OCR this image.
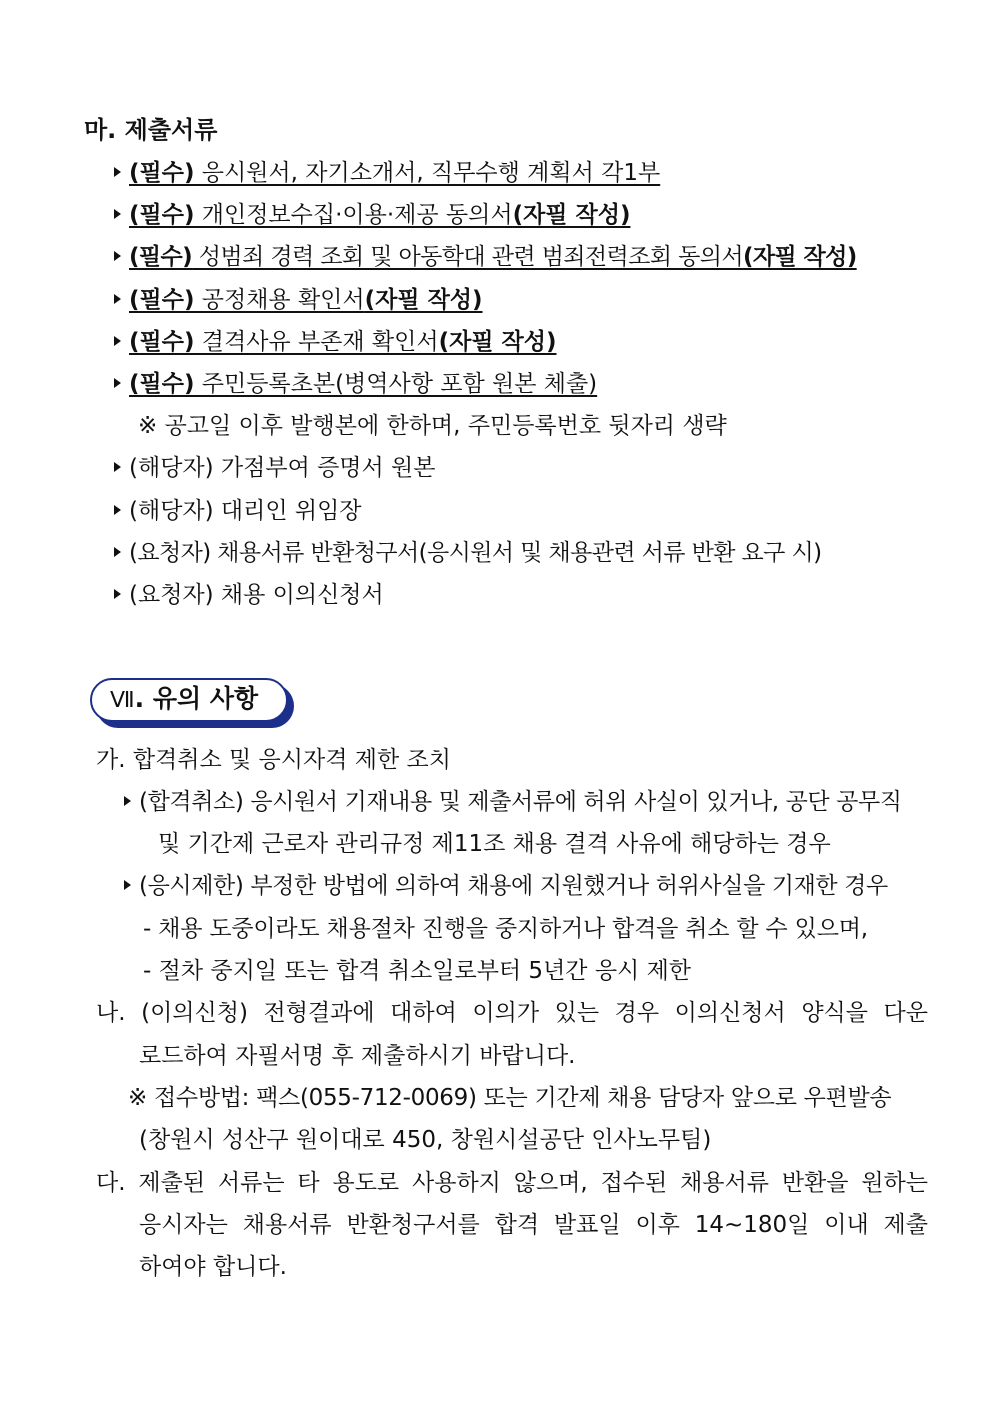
마. 제출서류
(필수) 응시원서, 자기소개서, 직무수행 계획서 각1부
(필수) 개인정보수집·이용·제공 동의서(자필 작성)
(필수) 성범죄 경력 조회 및 아동학대 관련 범죄전력조회 동의서(자필 작성)
(필수) 공정채용 확인서(자필 작성)
(필수) 결격사유 부존재 확인서(자필 작성)
(필수) 주민등록초본(병역사항 포함 원본 체출)
※ 공고일 이후 발행본에 한하며, 주민등록번호 뒷자리 생략
(해당자) 가점부여 증명서 원본
(해당자) 대리인 위임장
(요청자) 채용서류 반환청구서(응시원서 및 채용관련 서류 반환 요구 시)
(요청자) 채용 이의신청서
Ⅶ. 유의 사항
가. 합격취소 및 응시자격 제한 조치
(합격취소) 응시원서 기재내용 및 제출서류에 허위 사실이 있거나, 공단 공무직
및 기간제 근로자 관리규정 제11조 채용 결격 사유에 해당하는 경우
(응시제한) 부정한 방법에 의하여 채용에 지원했거나 허위사실을 기재한 경우
- 채용 도중이라도 채용절차 진행을 중지하거나 합격을 취소 할 수 있으며,
- 절차 중지일 또는 합격 취소일로부터 5년간 응시 제한
나. (이의신청) 전형결과에 대하여 이의가 있는 경우 이의신청서 양식을 다운
로드하여 자필서명 후 제출하시기 바랍니다.
※ 접수방법: 팩스(055-712-0069) 또는 기간제 채용 담당자 앞으로 우편발송
(창원시 성산구 원이대로 450, 창원시설공단 인사노무팀)
다. 제출된 서류는 타 용도로 사용하지 않으며, 접수된 채용서류 반환을 원하는
응시자는 채용서류 반환청구서를 합격 발표일 이후 14~180일 이내 제출
하여야 합니다.
